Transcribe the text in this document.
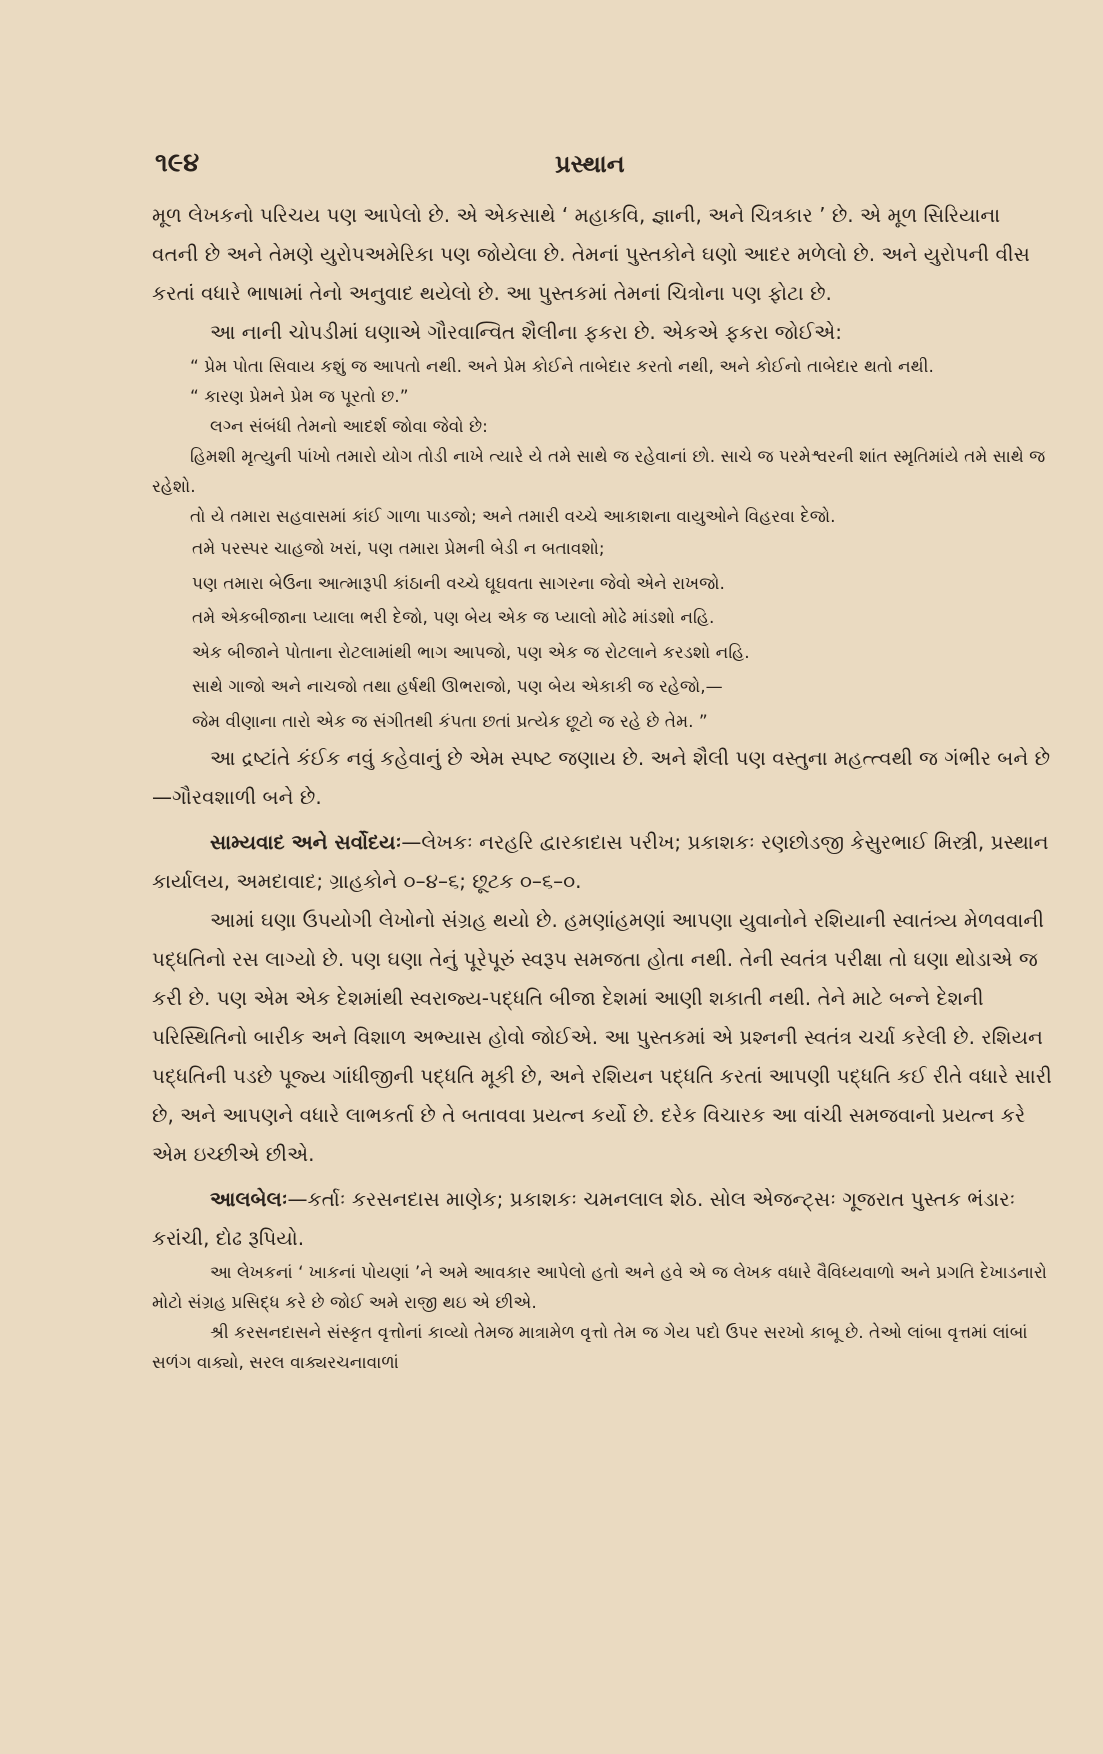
૧૯૪	પ્રસ્થાન

મૂળ લેખકનો પરિચય પણ આપેલો છે. એ એકસાથે ‘ મહાકવિ, જ્ઞાની, અને ચિત્રકાર ’ છે. એ મૂળ સિરિયાના વતની છે અને તેમણે યુરોપઅમેરિકા પણ જોયેલા છે. તેમનાં પુસ્તકોને ઘણો આદર મળેલો છે. અને યુરોપની વીસ કરતાં વધારે ભાષામાં તેનો અનુવાદ થયેલો છે. આ પુસ્તકમાં તેમનાં ચિત્રોના પણ ફોટા છે.

આ નાની ચોપડીમાં ઘણાએ ગૌરવાન્વિત શૈલીના ફકરા છે. એકએ ફકરા જોઈએ:

“ પ્રેમ પોતા સિવાય કશું જ આપતો નથી. અને પ્રેમ કોઈને તાબેદાર કરતો નથી, અને કોઈનો તાબેદાર થતો નથી.

“ કારણ પ્રેમને પ્રેમ જ પૂરતો છ.”

લગ્ન સંબંધી તેમનો આદર્શ જોવા જેવો છે:

હિમશી મૃત્યુની પાંખો તમારો યોગ તોડી નાખે ત્યારે યે તમે સાથે જ રહેવાનાં છો. સાચે જ પરમેશ્વરની શાંત સ્મૃતિમાંયે તમે સાથે જ રહેશો.

તો યે તમારા સહવાસમાં કાંઈ ગાળા પાડજો; અને તમારી વચ્ચે આકાશના વાયુઓને વિહરવા દેજો.

તમે પરસ્પર ચાહજો ખરાં, પણ તમારા પ્રેમની બેડી ન બતાવશો;
પણ તમારા બેઉના આત્મારૂપી કાંઠાની વચ્ચે ઘૂઘવતા સાગરના જેવો એને રાખજો.
તમે એકબીજાના પ્યાલા ભરી દેજો, પણ બેય એક જ પ્યાલો મોઢે માંડશો નહિ.
એક બીજાને પોતાના રોટલામાંથી ભાગ આપજો, પણ એક જ રોટલાને કરડશો નહિ.
સાથે ગાજો અને નાચજો તથા હર્ષથી ઊભરાજો, પણ બેય એકાકી જ રહેજો,—
જેમ વીણાના તારો એક જ સંગીતથી કંપતા છતાં પ્રત્યેક છૂટો જ રહે છે તેમ. ”

આ દ્રષ્ટાંતે કંઈક નવું કહેવાનું છે એમ સ્પષ્ટ જણાય છે. અને શૈલી પણ વસ્તુના મહત્ત્વથી જ ગંભીર બને છે—ગૌરવશાળી બને છે.

સામ્યવાદ અને સર્વોદયઃ—લેખકઃ નરહરિ દ્વારકાદાસ પરીખ; પ્રકાશકઃ રણછોડજી કેસુરભાઈ મિસ્ત્રી, પ્રસ્થાન કાર્યાલય, અમદાવાદ; ગ્રાહકોને ૦–૪–૬; છૂટક ૦–૬–૦.

આમાં ઘણા ઉપયોગી લેખોનો સંગ્રહ થયો છે. હમણાંહમણાં આપણા યુવાનોને રશિયાની સ્વાતંત્ર્ય મેળવવાની પદ્ધતિનો રસ લાગ્યો છે. પણ ઘણા તેનું પૂરેપૂરું સ્વરૂપ સમજતા હોતા નથી. તેની સ્વતંત્ર પરીક્ષા તો ઘણા થોડાએ જ કરી છે. પણ એમ એક દેશમાંથી સ્વરાજ્ય-પદ્ધતિ બીજા દેશમાં આણી શકાતી નથી. તેને માટે બન્ને દેશની પરિસ્થિતિનો બારીક અને વિશાળ અભ્યાસ હોવો જોઈએ. આ પુસ્તકમાં એ પ્રશ્નની સ્વતંત્ર ચર્ચા કરેલી છે. રશિયન પદ્ધતિની પડછે પૂજ્ય ગાંધીજીની પદ્ધતિ મૂકી છે, અને રશિયન પદ્ધતિ કરતાં આપણી પદ્ધતિ કઈ રીતે વધારે સારી છે, અને આપણને વધારે લાભકર્તા છે તે બતાવવા પ્રયત્ન કર્યો છે. દરેક વિચારક આ વાંચી સમજવાનો પ્રયત્ન કરે એમ ઇચ્છીએ છીએ.

આલબેલઃ—કર્તાઃ કરસનદાસ માણેક; પ્રકાશકઃ ચમનલાલ શેઠ. સોલ એજન્ટ્સઃ ગૂજરાત પુસ્તક ભંડારઃ કરાંચી, દોઢ રૂપિયો.

આ લેખકનાં ‘ ખાકનાં પોયણાં ’ને અમે આવકાર આપેલો હતો અને હવે એ જ લેખક વધારે વૈવિધ્યવાળો અને પ્રગતિ દેખાડનારો મોટો સંગ્રહ પ્રસિદ્ધ કરે છે જોઈ અમે રાજી થઇ એ છીએ.

શ્રી કરસનદાસને સંસ્કૃત વૃત્તોનાં કાવ્યો તેમજ માત્રામેળ વૃત્તો તેમ જ ગેય પદો ઉપર સરખો કાબૂ છે. તેઓ લાંબા વૃત્તમાં લાંબાં સળંગ વાક્યો, સરલ વાક્યરચનાવાળાં
